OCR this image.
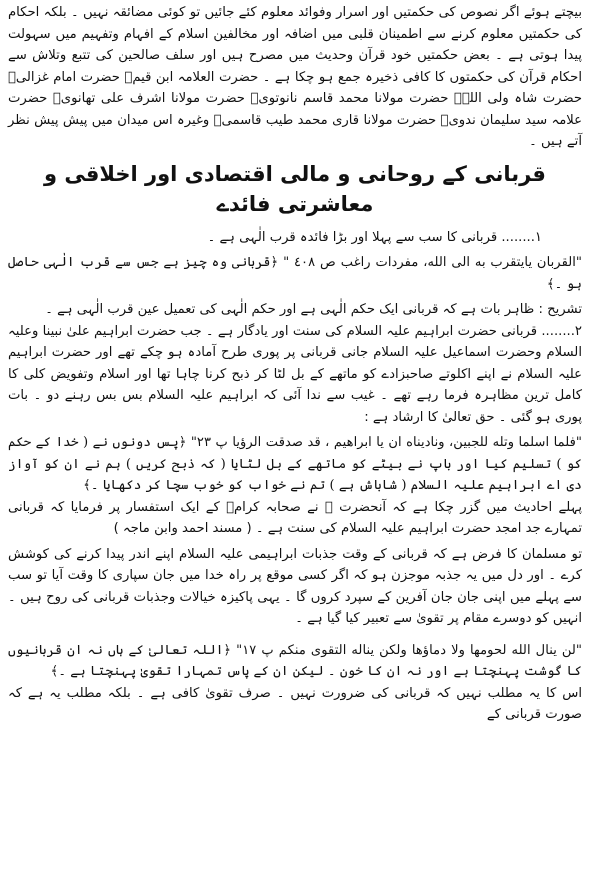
بیچتے ہوئے اگر نصوص کی حکمتیں اور اسرار وفوائد معلوم کئے جائیں تو کوئی مضائقہ نہیں ۔ بلکہ احکام کی حکمتیں معلوم کرنے سے اطمینان قلبی میں اضافہ اور مخالفین اسلام کے افہام وتفہیم میں سہولت پیدا ہوتی ہے ۔ بعض حکمتیں خود قرآن وحدیث میں مصرح ہیں اور سلف صالحین کی تتبع وتلاش سے احکام قرآن کی حکمتوں کا کافی ذخیرہ جمع ہو چکا ہے ۔ حضرت العلامہ ابن قیمؒ حضرت امام غزالیؒ حضرت شاہ ولی اللہؒ حضرت مولانا محمد قاسم نانوتویؒ حضرت مولانا اشرف علی تھانویؒ حضرت علامہ سید سلیمان ندویؒ حضرت مولانا قاری محمد طیب قاسمیؒ وغیرہ اس میدان میں پیش پیش نظر آتے ہیں ۔

قربانی کے روحانی و مالی اقتصادی اور اخلاقی و معاشرتی فائدے

١........ قربانی کا سب سے پہلا اور بڑا فائدہ قرب الٰہی ہے ۔

"القربان یایتقرب به الی الله، مفردات راغب ص ٤٠٨ " ﴿قربانی وہ چیز ہے جس سے قرب الٰہی حاصل ہو ۔﴾

تشریح : ظاہر بات ہے کہ قربانی ایک حکم الٰہی ہے اور حکم الٰہی کی تعمیل عین قرب الٰہی ہے ۔

٢........ قربانی حضرت ابراہیم علیہ السلام کی سنت اور یادگار ہے ۔ جب حضرت ابراہیم علیٰ نبینا وعلیہ السلام وحضرت اسماعیل علیہ السلام جانی قربانی پر پوری طرح آمادہ ہو چکے تھے اور حضرت ابراہیم علیہ السلام نے اپنے اکلوتے صاحبزادے کو ماتھے کے بل لٹا کر ذبح کرنا چاہا تھا اور اسلام وتفویض کلی کا کامل ترین مظاہرہ فرما رہے تھے ۔ غیب سے ندا آئی کہ ابراہیم علیہ السلام بس بس رہنے دو ۔ بات پوری ہو گئی ۔ حق تعالیٰ کا ارشاد ہے :

"فلما اسلما وتله للجبين، وناديناه ان يا ابراهيم ، قد صدقت الرؤيا پ ٢٣" ﴿پس دونوں نے ( خدا کے حکم کو ) تسلیم کیا اور باپ نے بیٹے کو ماتھے کے بل لٹایا ( کہ ذبح کریں ) ہم نے ان کو آواز دی اے ابراہیم علیہ السلام ( شاباش ہے ) تم نے خواب کو خوب سچا کر دکھایا ۔﴾

پہلے احادیث میں گزر چکا ہے کہ آنحضرت ﷺ نے صحابہ کرامؓ کے ایک استفسار پر فرمایا کہ قربانی تمہارے جد امجد حضرت ابراہیم علیہ السلام کی سنت ہے ۔ ( مسند احمد وابن ماجہ )

تو مسلمان کا فرض ہے کہ قربانی کے وقت جذبات ابراہیمی علیہ السلام اپنے اندر پیدا کرنے کی کوشش کرے ۔ اور دل میں یہ جذبہ موجزن ہو کہ اگر کسی موقع پر راہ خدا میں جان سپاری کا وقت آیا تو سب سے پہلے میں اپنی جان جان آفرین کے سپرد کروں گا ۔ یہی پاکیزہ خیالات وجذبات قربانی کی روح ہیں ۔ انہیں کو دوسرے مقام پر تقویٰ سے تعبیر کیا گیا ہے ۔

"لن ينال الله لحومها ولا دماؤها ولكن يناله التقوى منكم پ ١٧" ﴿اللہ تعالیٰ کے ہاں نہ ان قربانیوں کا گوشت پہنچتا ہے اور نہ ان کا خون ۔ لیکن ان کے پاس تمہارا تقویٰ پہنچتا ہے ۔﴾

اس کا یہ مطلب نہیں کہ قربانی کی ضرورت نہیں ۔ صرف تقویٰ کافی ہے ۔ بلکہ مطلب یہ ہے کہ صورت قربانی کے
